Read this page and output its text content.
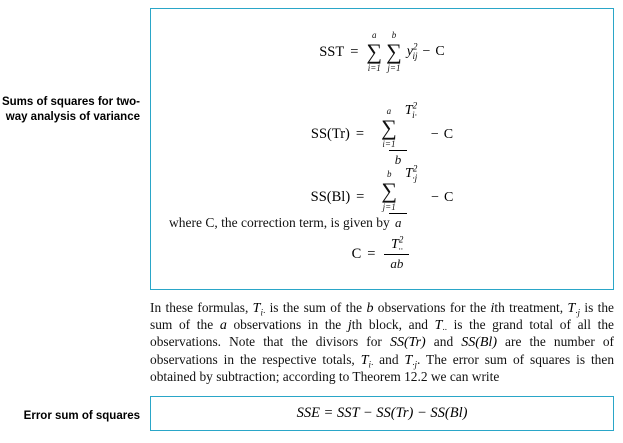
Sums of squares for two-way analysis of variance
Error sum of squares
SST =
a
∑
i=1
b
∑
j=1
$y^2_{ij} - C$
SS(Tr) =
a
∑
i=1
$T^2_{i\cdot}$
b
− C
SS(Bl) =
b
∑
j=1
$T^2_{\cdot j}$
a
− C
where C, the correction term, is given by
$C = \frac{T^2_{\cdot\cdot}}{ab}$
In these formulas, $T_{i\cdot}$ is the sum of the b observations for the ith treatment, $T_{\cdot j}$ is the sum of the a observations in the jth block, and $T_{\cdot\cdot}$ is the grand total of all the observations. Note that the divisors for SS(Tr) and SS(Bl) are the number of observations in the respective totals, $T_{i\cdot}$ and $T_{\cdot j}$. The error sum of squares is then obtained by subtraction; according to Theorem 12.2 we can write
SSE = SST − SS(Tr) − SS(Bl)
